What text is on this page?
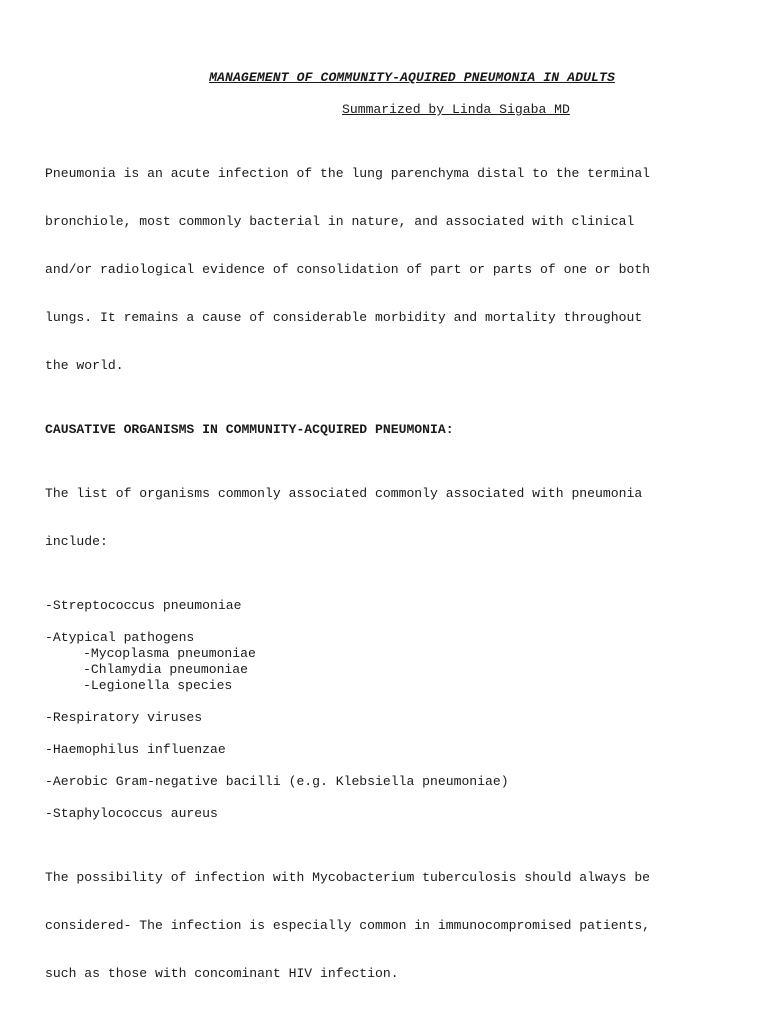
MANAGEMENT OF COMMUNITY-AQUIRED PNEUMONIA IN ADULTS
Summarized by Linda Sigaba MD

Pneumonia is an acute infection of the lung parenchyma distal to the terminal

bronchiole, most commonly bacterial in nature, and associated with clinical

and/or radiological evidence of consolidation of part or parts of one or both

lungs. It remains a cause of considerable morbidity and mortality throughout

the world.

CAUSATIVE ORGANISMS IN COMMUNITY-ACQUIRED PNEUMONIA:

The list of organisms commonly associated commonly associated with pneumonia

include:

-Streptococcus pneumoniae
-Atypical pathogens
-Mycoplasma pneumoniae
-Chlamydia pneumoniae
-Legionella species
-Respiratory viruses
-Haemophilus influenzae
-Aerobic Gram-negative bacilli (e.g. Klebsiella pneumoniae)
-Staphylococcus aureus

The possibility of infection with Mycobacterium tuberculosis should always be

considered- The infection is especially common in immunocompromised patients,

such as those with concominant HIV infection.
